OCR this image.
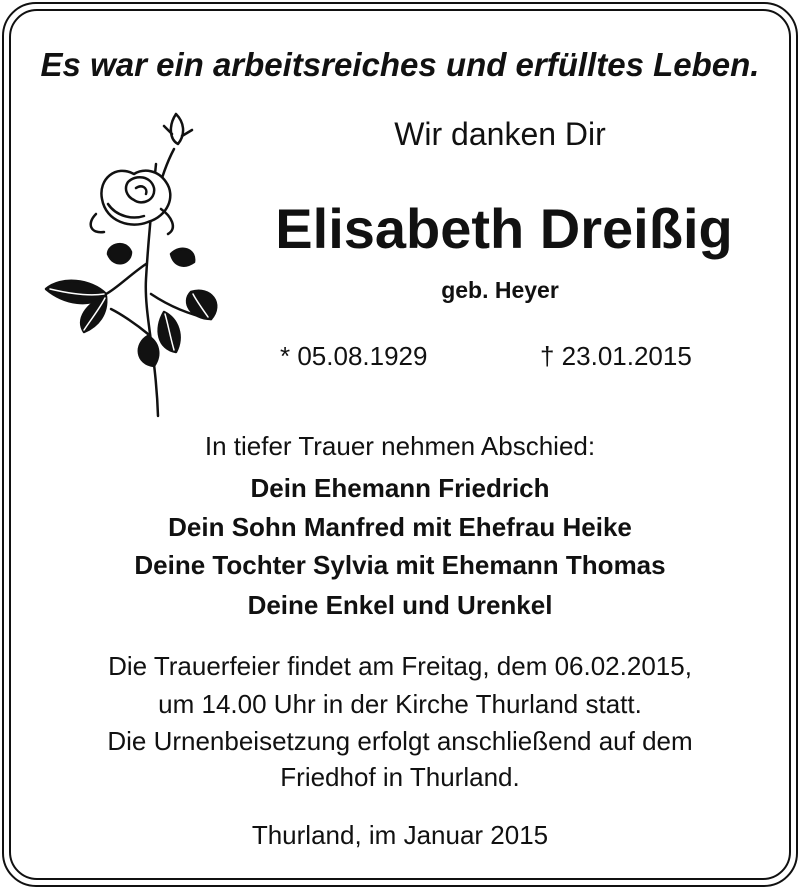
Es war ein arbeitsreiches und erfülltes Leben.
Wir danken Dir
Elisabeth Dreißig
geb. Heyer
* 05.08.1929	† 23.01.2015
In tiefer Trauer nehmen Abschied:
Dein Ehemann Friedrich
Dein Sohn Manfred mit Ehefrau Heike
Deine Tochter Sylvia mit Ehemann Thomas
Deine Enkel und Urenkel
Die Trauerfeier findet am Freitag, dem 06.02.2015,
um 14.00 Uhr in der Kirche Thurland statt.
Die Urnenbeisetzung erfolgt anschließend auf dem
Friedhof in Thurland.
Thurland, im Januar 2015
